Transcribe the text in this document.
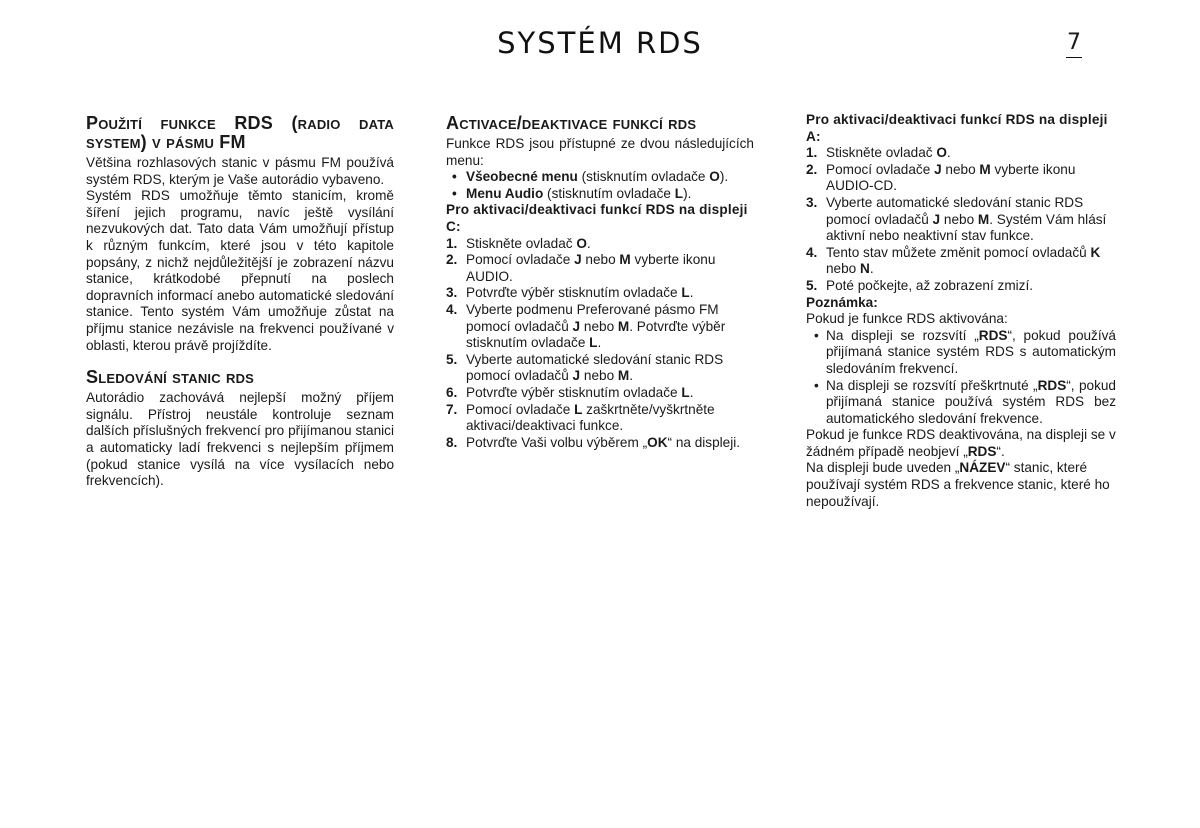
SYSTÉM RDS	7
Použití funkce RDS (radio data system) v pásmu FM

Většina rozhlasových stanic v pásmu FM používá systém RDS, kterým je Vaše autorádio vybaveno.

Systém RDS umožňuje těmto stanicím, kromě šíření jejich programu, navíc ještě vysílání nezvukových dat. Tato data Vám umožňují přístup k různým funkcím, které jsou v této kapitole popsány, z nichž nejdůležitější je zobrazení názvu stanice, krátkodobé přepnutí na poslech dopravních informací anebo automatické sledování stanice. Tento systém Vám umožňuje zůstat na příjmu stanice nezávisle na frekvenci používané v oblasti, kterou právě projíždíte.

Sledování stanic rds

Autorádio zachovává nejlepší možný příjem signálu. Přístroj neustále kontroluje seznam dalších příslušných frekvencí pro přijímanou stanici a automaticky ladí frekvenci s nejlepším příjmem (pokud stanice vysílá na více vysílacích nebo frekvencích).

Activace/deaktivace funkcí rds

Funkce RDS jsou přístupné ze dvou následujících menu:

• Všeobecné menu (stisknutím ovladače O).
• Menu Audio (stisknutím ovladače L).

Pro aktivaci/deaktivaci funkcí RDS na displeji C:

1. Stiskněte ovladač O.
2. Pomocí ovladače J nebo M vyberte ikonu AUDIO.
3. Potvrďte výběr stisknutím ovladače L.
4. Vyberte podmenu Preferované pásmo FM pomocí ovladačů J nebo M. Potvrďte výběr stisknutím ovladače L.
5. Vyberte automatické sledování stanic RDS pomocí ovladačů J nebo M.
6. Potvrďte výběr stisknutím ovladače L.
7. Pomocí ovladače L zaškrtněte/vyškrtněte aktivaci/deaktivaci funkce.
8. Potvrďte Vaši volbu výběrem „OK“ na displeji.

Pro aktivaci/deaktivaci funkcí RDS na displeji A:

1. Stiskněte ovladač O.
2. Pomocí ovladače J nebo M vyberte ikonu AUDIO-CD.
3. Vyberte automatické sledování stanic RDS pomocí ovladačů J nebo M. Systém Vám hlásí aktivní nebo neaktivní stav funkce.
4. Tento stav můžete změnit pomocí ovladačů K nebo N.
5. Poté počkejte, až zobrazení zmizí.

Poznámka:

Pokud je funkce RDS aktivována:

• Na displeji se rozsvítí „RDS“, pokud používá přijímaná stanice systém RDS s automatickým sledováním frekvencí.
• Na displeji se rozsvítí přeškrtnuté „RDS“, pokud přijímaná stanice používá systém RDS bez automatického sledování frekvence.

Pokud je funkce RDS deaktivována, na displeji se v žádném případě neobjeví „RDS“.

Na displeji bude uveden „NÁZEV“ stanic, které používají systém RDS a frekvence stanic, které ho nepoužívají.
